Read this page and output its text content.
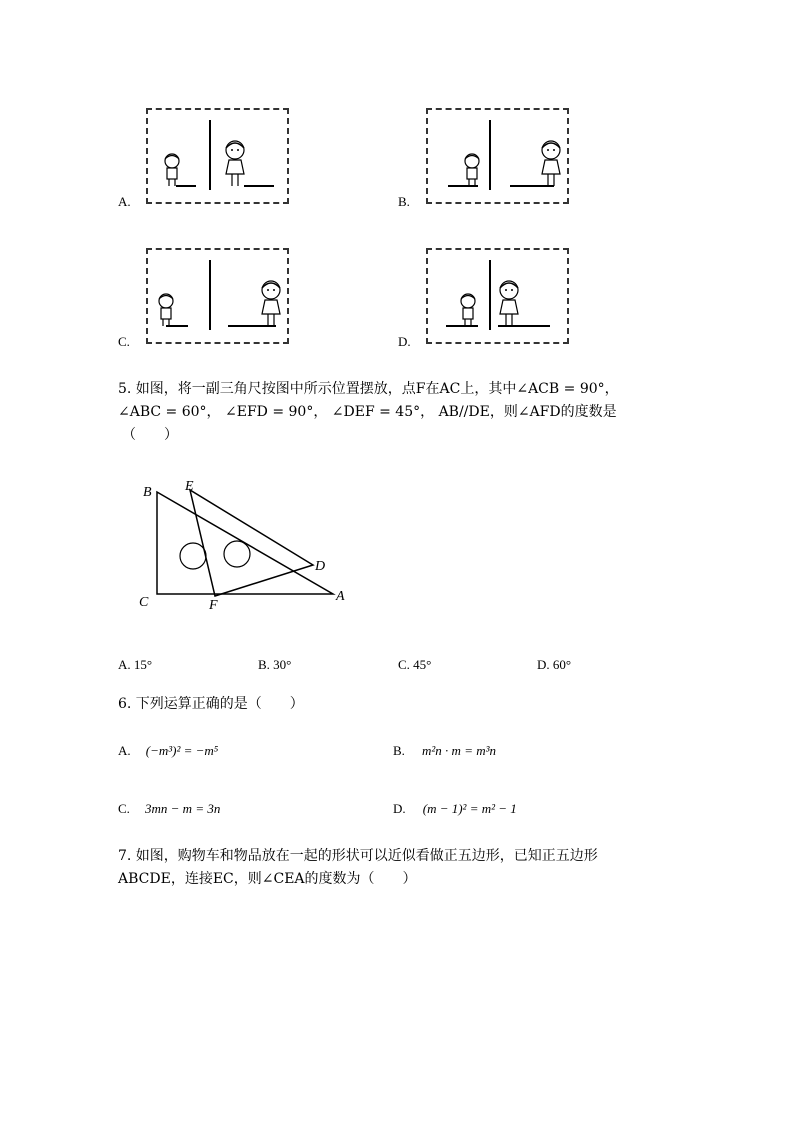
A.	B.
C.	D.
5. 如图，将一副三角尺按图中所示位置摆放，点F在AC上，其中∠ACB = 90°，
∠ABC = 60°， ∠EFD = 90°， ∠DEF = 45°， AB//DE，则∠AFD的度数是
（　　）
B E
D
C	F
A
A. 15°	B. 30°	C. 45°	D. 60°
6. 下列运算正确的是（　　）
A. (−m³)² = −m⁵	B. m²n · m = m³n
C. 3mn − m = 3n	D. (m − 1)² = m² − 1
7. 如图，购物车和物品放在一起的形状可以近似看做正五边形，已知正五边形
ABCDE，连接EC，则∠CEA的度数为（　　）
